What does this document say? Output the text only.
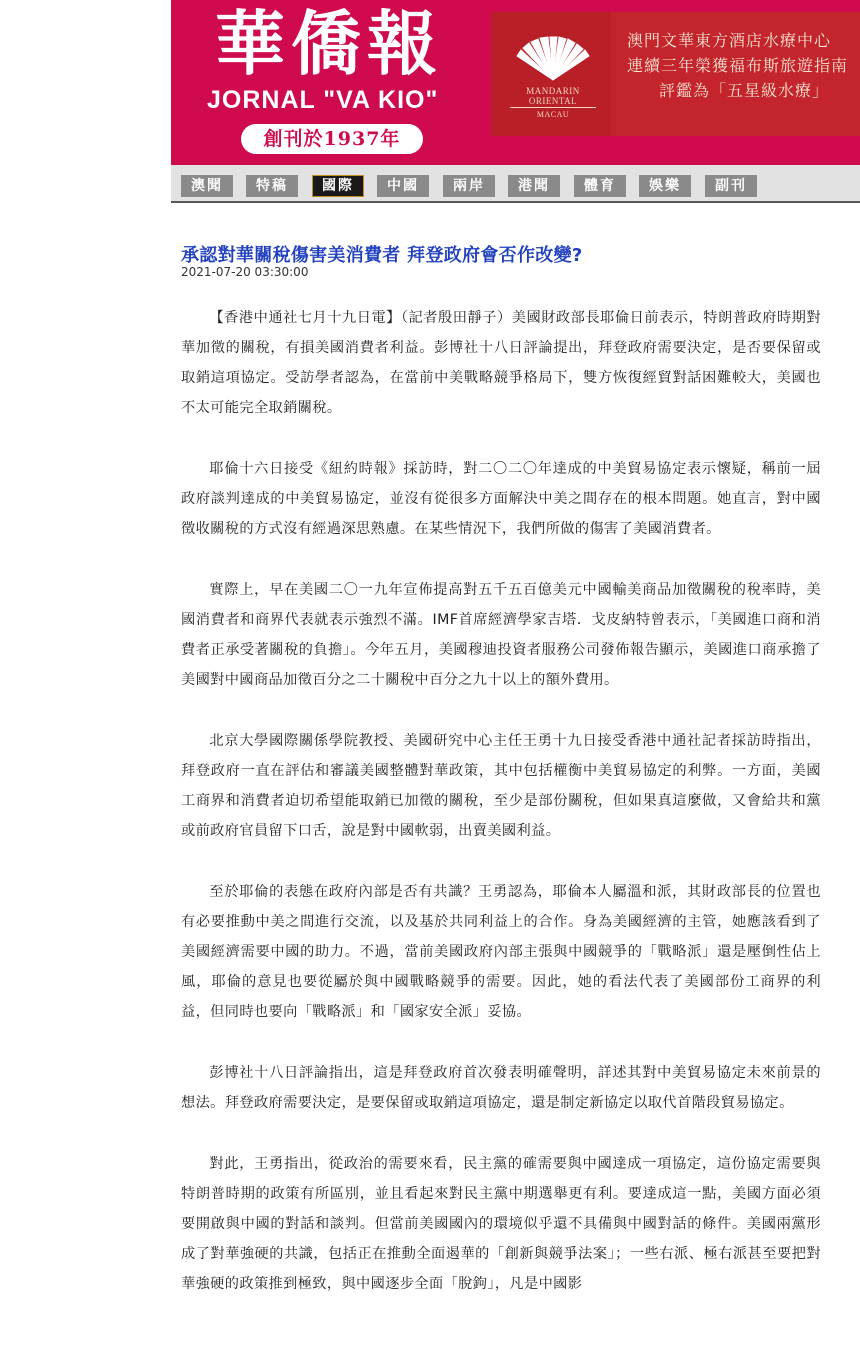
華僑報
JORNAL "VA KIO"
創刊於1937年
MANDARIN ORIENTAL
MACAU
澳門文華東方酒店水療中心
連續三年榮獲福布斯旅遊指南
評鑑為「五星級水療」
澳聞	特稿	國際	中國	兩岸	港聞	體育	娛樂	副刊
承認對華關稅傷害美消費者 拜登政府會否作改變?
2021-07-20 03:30:00

【香港中通社七月十九日電】（記者殷田靜子）美國財政部長耶倫日前表示，特朗普政府時期對華加徵的關稅，有損美國消費者利益。彭博社十八日評論提出，拜登政府需要決定，是否要保留或取銷這項協定。受訪學者認為，在當前中美戰略競爭格局下，雙方恢復經貿對話困難較大，美國也不太可能完全取銷關稅。

耶倫十六日接受《紐約時報》採訪時，對二〇二〇年達成的中美貿易協定表示懷疑，稱前一屆政府談判達成的中美貿易協定，並沒有從很多方面解決中美之間存在的根本問題。她直言，對中國徵收關稅的方式沒有經過深思熟慮。在某些情況下，我們所做的傷害了美國消費者。

實際上，早在美國二〇一九年宣佈提高對五千五百億美元中國輸美商品加徵關稅的稅率時，美國消費者和商界代表就表示強烈不滿。IMF首席經濟學家吉塔．戈皮納特曾表示，「美國進口商和消費者正承受著關稅的負擔」。今年五月，美國穆迪投資者服務公司發佈報告顯示，美國進口商承擔了美國對中國商品加徵百分之二十關稅中百分之九十以上的額外費用。

北京大學國際關係學院教授、美國研究中心主任王勇十九日接受香港中通社記者採訪時指出，拜登政府一直在評估和審議美國整體對華政策，其中包括權衡中美貿易協定的利弊。一方面，美國工商界和消費者迫切希望能取銷已加徵的關稅，至少是部份關稅，但如果真這麼做，又會給共和黨或前政府官員留下口舌，說是對中國軟弱，出賣美國利益。

至於耶倫的表態在政府內部是否有共識？王勇認為，耶倫本人屬溫和派，其財政部長的位置也有必要推動中美之間進行交流，以及基於共同利益上的合作。身為美國經濟的主管，她應該看到了美國經濟需要中國的助力。不過，當前美國政府內部主張與中國競爭的「戰略派」還是壓倒性佔上風，耶倫的意見也要從屬於與中國戰略競爭的需要。因此，她的看法代表了美國部份工商界的利益，但同時也要向「戰略派」和「國家安全派」妥協。

彭博社十八日評論指出，這是拜登政府首次發表明確聲明，詳述其對中美貿易協定未來前景的想法。拜登政府需要決定，是要保留或取銷這項協定，還是制定新協定以取代首階段貿易協定。

對此，王勇指出，從政治的需要來看，民主黨的確需要與中國達成一項協定，這份協定需要與特朗普時期的政策有所區別，並且看起來對民主黨中期選舉更有利。要達成這一點，美國方面必須要開啟與中國的對話和談判。但當前美國國內的環境似乎還不具備與中國對話的條件。美國兩黨形成了對華強硬的共識，包括正在推動全面遏華的「創新與競爭法案」；一些右派、極右派甚至要把對華強硬的政策推到極致，與中國逐步全面「脫鉤」，凡是中國影
